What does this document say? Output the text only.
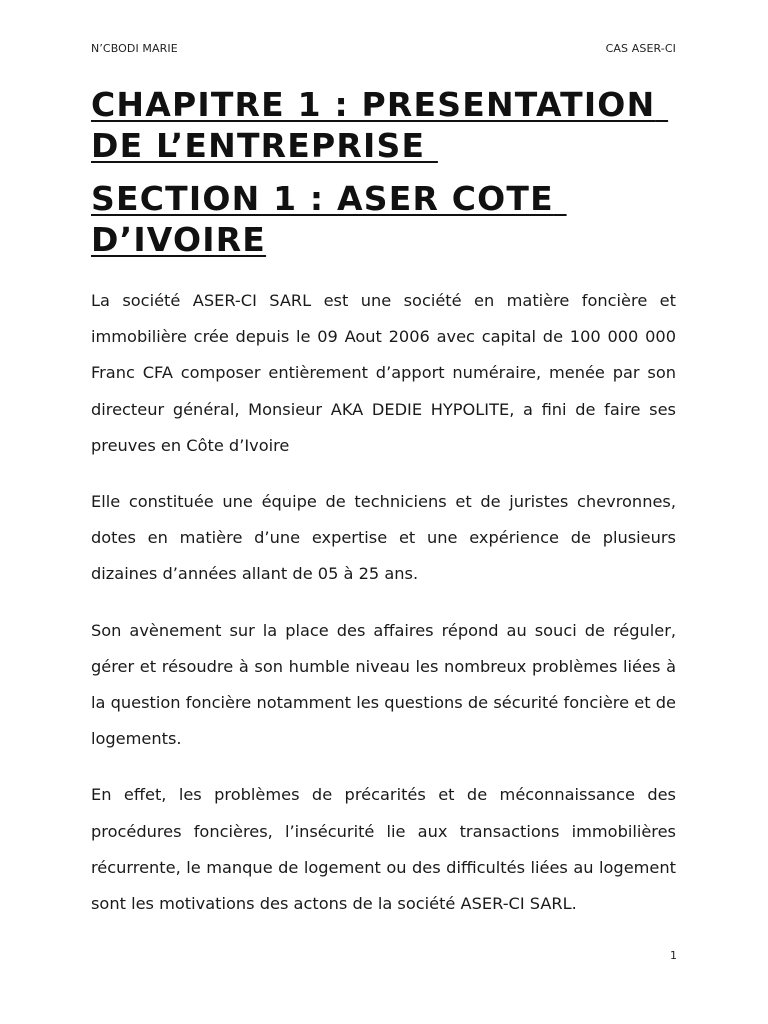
N’CBODI MARIE	CAS ASER-CI
CHAPITRE 1 : PRESENTATION DE L’ENTREPRISE
SECTION 1 : ASER COTE D’IVOIRE

La société ASER-CI SARL est une société en matière foncière et immobilière crée depuis le 09 Aout 2006 avec capital de 100 000 000 Franc CFA composer entièrement d’apport numéraire, menée par son directeur général, Monsieur AKA DEDIE HYPOLITE, a fini de faire ses preuves en Côte d’Ivoire

Elle constituée une équipe de techniciens et de juristes chevronnes, dotes en matière d’une expertise et une expérience de plusieurs dizaines d’années allant de 05 à 25 ans.

Son avènement sur la place des affaires répond au souci de réguler, gérer et résoudre à son humble niveau les nombreux problèmes liées à la question foncière notamment les questions de sécurité foncière et de logements.

En effet, les problèmes de précarités et de méconnaissance des procédures foncières, l’insécurité lie aux transactions immobilières récurrente, le manque de logement ou des difficultés liées au logement sont les motivations des actons de la société ASER-CI SARL.

1
